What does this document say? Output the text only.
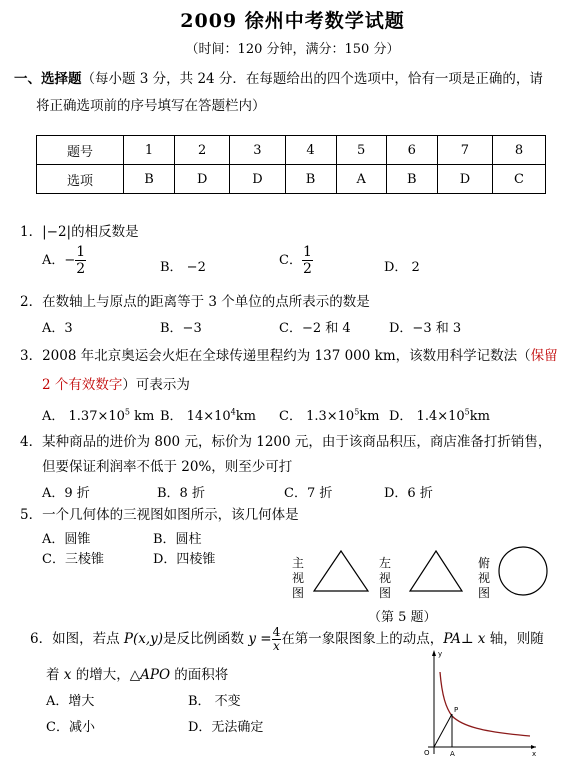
2009 徐州中考数学试题
（时间：120 分钟，满分：150 分）
一、选择题（每小题 3 分，共 24 分．在每题给出的四个选项中，恰有一项是正确的，请
将正确选项前的序号填写在答题栏内）
题号	1	2	3	4	5	6	7	8
选项	B	D	D	B	A	B	D	C
1．|−2|的相反数是
A．− $\frac{1}{2}$	B． −2	C． $\frac{1}{2}$	D． 2
2．在数轴上与原点的距离等于 3 个单位的点所表示的数是
A．3	B．−3	C．−2 和 4	D．−3 和 3
3．2008 年北京奥运会火炬在全球传递里程约为 137 000 km，该数用科学记数法（保留
2 个有效数字）可表示为
A． $1.37\times 10^5$ km B． $14\times 10^4km$ C． $1.3\times 10^5km$ D． $1.4\times 10^5km$
4．某种商品的进价为 800 元，标价为 1200 元，由于该商品积压，商店准备打折销售，
但要保证利润率不低于 20%，则至少可打
A．9 折	B．8 折	C．7 折	D．6 折
5．一个几何体的三视图如图所示，该几何体是
A．圆锥	B．圆柱
C．三棱锥	D．四棱锥	主视图
左视图
俯视图
（第 5 题）
6．如图，若点 P(x,y)是反比例函数 $y = \frac{4}{x}$ 在第一象限图象上的动点，PA⊥ x 轴，则随
着 x 的增大，△APO 的面积将
A．增大	B． 不变
C．减小	D．无法确定
y
x
O	A
P
